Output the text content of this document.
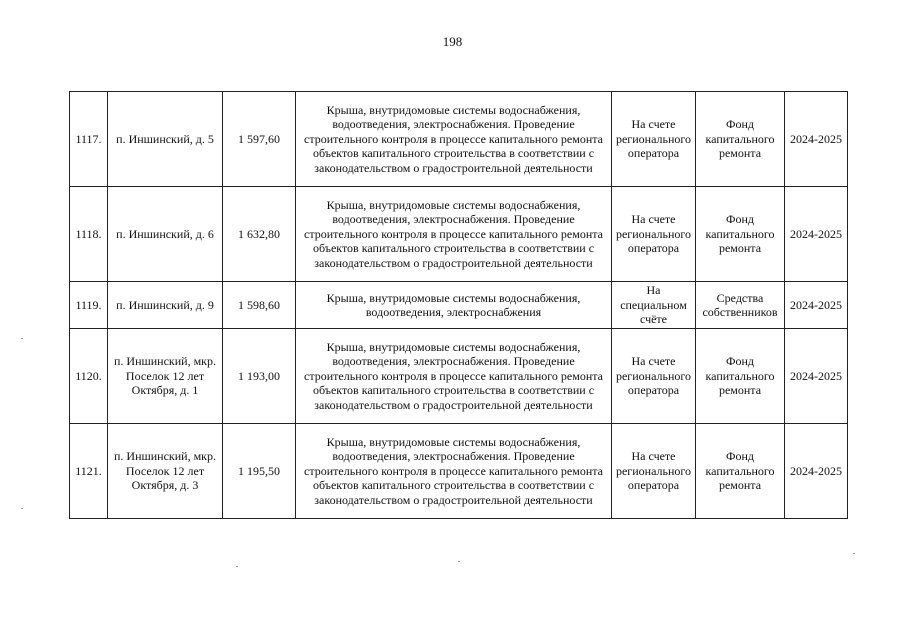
198
1117.	п. Иншинский, д. 5	1 597,60	Крыша, внутридомовые системы водоснабжения, водоотведения, электроснабжения. Проведение строительного контроля в процессе капитального ремонта объектов капитального строительства в соответствии с законодательством о градостроительной деятельности	На счете регионального оператора	Фонд капитального ремонта	2024-2025
1118.	п. Иншинский, д. 6	1 632,80	Крыша, внутридомовые системы водоснабжения, водоотведения, электроснабжения. Проведение строительного контроля в процессе капитального ремонта объектов капитального строительства в соответствии с законодательством о градостроительной деятельности	На счете регионального оператора	Фонд капитального ремонта	2024-2025
1119.	п. Иншинский, д. 9	1 598,60	Крыша, внутридомовые системы водоснабжения, водоотведения, электроснабжения	На специальном счёте	Средства собственников	2024-2025
1120.	п. Иншинский, мкр. Поселок 12 лет Октября, д. 1	1 193,00	Крыша, внутридомовые системы водоснабжения, водоотведения, электроснабжения. Проведение строительного контроля в процессе капитального ремонта объектов капитального строительства в соответствии с законодательством о градостроительной деятельности	На счете регионального оператора	Фонд капитального ремонта	2024-2025
1121.	п. Иншинский, мкр. Поселок 12 лет Октября, д. 3	1 195,50	Крыша, внутридомовые системы водоснабжения, водоотведения, электроснабжения. Проведение строительного контроля в процессе капитального ремонта объектов капитального строительства в соответствии с законодательством о градостроительной деятельности	На счете регионального оператора	Фонд капитального ремонта	2024-2025
